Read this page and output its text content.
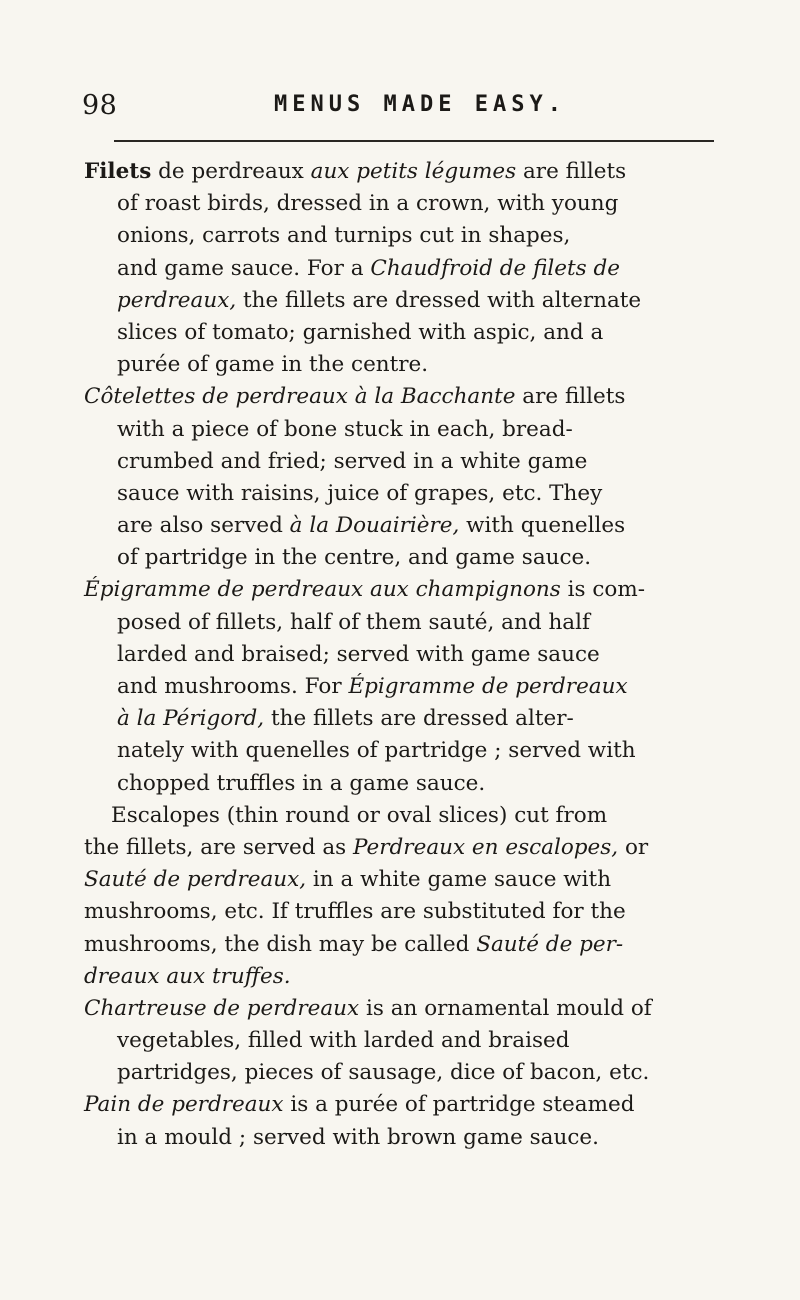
98	MENUS MADE EASY.
Filets de perdreaux aux petits légumes are fillets
of roast birds, dressed in a crown, with young
onions, carrots and turnips cut in shapes,
and game sauce. For a Chaudfroid de filets de
perdreaux, the fillets are dressed with alternate
slices of tomato; garnished with aspic, and a
purée of game in the centre.
Côtelettes de perdreaux à la Bacchante are fillets
with a piece of bone stuck in each, bread-
crumbed and fried; served in a white game
sauce with raisins, juice of grapes, etc. They
are also served à la Douairière, with quenelles
of partridge in the centre, and game sauce.
Épigramme de perdreaux aux champignons is com-
posed of fillets, half of them sauté, and half
larded and braised; served with game sauce
and mushrooms. For Épigramme de perdreaux
à la Périgord, the fillets are dressed alter-
nately with quenelles of partridge ; served with
chopped truffles in a game sauce.
Escalopes (thin round or oval slices) cut from
the fillets, are served as Perdreaux en escalopes, or
Sauté de perdreaux, in a white game sauce with
mushrooms, etc. If truffles are substituted for the
mushrooms, the dish may be called Sauté de per-
dreaux aux truffes.
Chartreuse de perdreaux is an ornamental mould of
vegetables, filled with larded and braised
partridges, pieces of sausage, dice of bacon, etc.
Pain de perdreaux is a purée of partridge steamed
in a mould ; served with brown game sauce.
